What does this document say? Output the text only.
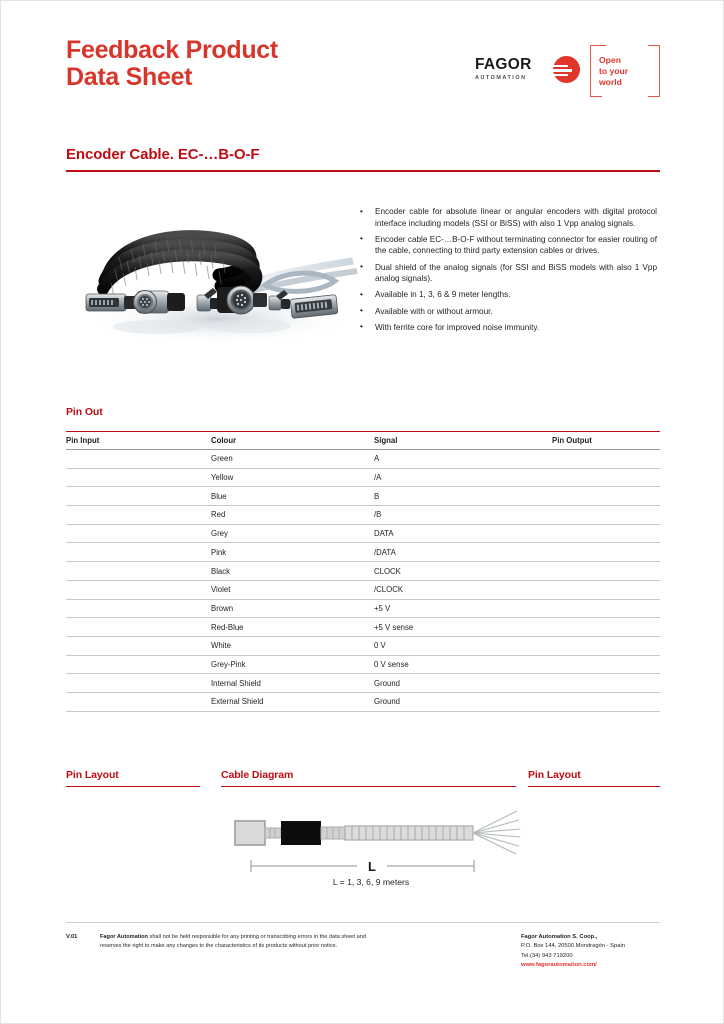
Feedback Product
Data Sheet	FAGOR
AUTOMATION
Open
to your
world
Encoder Cable. EC-…B-O-F
• Encoder cable for absolute linear or angular encoders with digital protocol interface including models (SSI or BiSS) with also 1 Vpp analog signals.
• Encoder cable EC-…B-O-F without terminating connector for easier routing of the cable, connecting to third party extension cables or drives.
• Dual shield of the analog signals (for SSI and BiSS models with also 1 Vpp analog signals).
• Available in 1, 3, 6 & 9 meter lengths.
• Available with or without armour.
• With ferrite core for improved noise immunity.
Pin Out
Pin Input	Colour	Signal	Pin Output
	Green	A	
	Yellow	/A	
	Blue	B	
	Red	/B	
	Grey	DATA	
	Pink	/DATA	
	Black	CLOCK	
	Violet	/CLOCK	
	Brown	+5 V	
	Red-Blue	+5 V sense	
	White	0 V	
	Grey-Pink	0 V sense	
	Internal Shield	Ground	
	External Shield	Ground	
Pin Layout	Cable Diagram	Pin Layout
L
L = 1, 3, 6, 9 meters
V.01	Fagor Automation shall not be held responsible for any printing or transcribing errors in the data sheet and reserves the right to make any changes to the characteristics of its products without prior notice.
Fagor Automation S. Coop.,
P.O. Box 144, 20500 Mondragón - Spain
Tel.(34) 943 719200
www.fagorautomation.com/
